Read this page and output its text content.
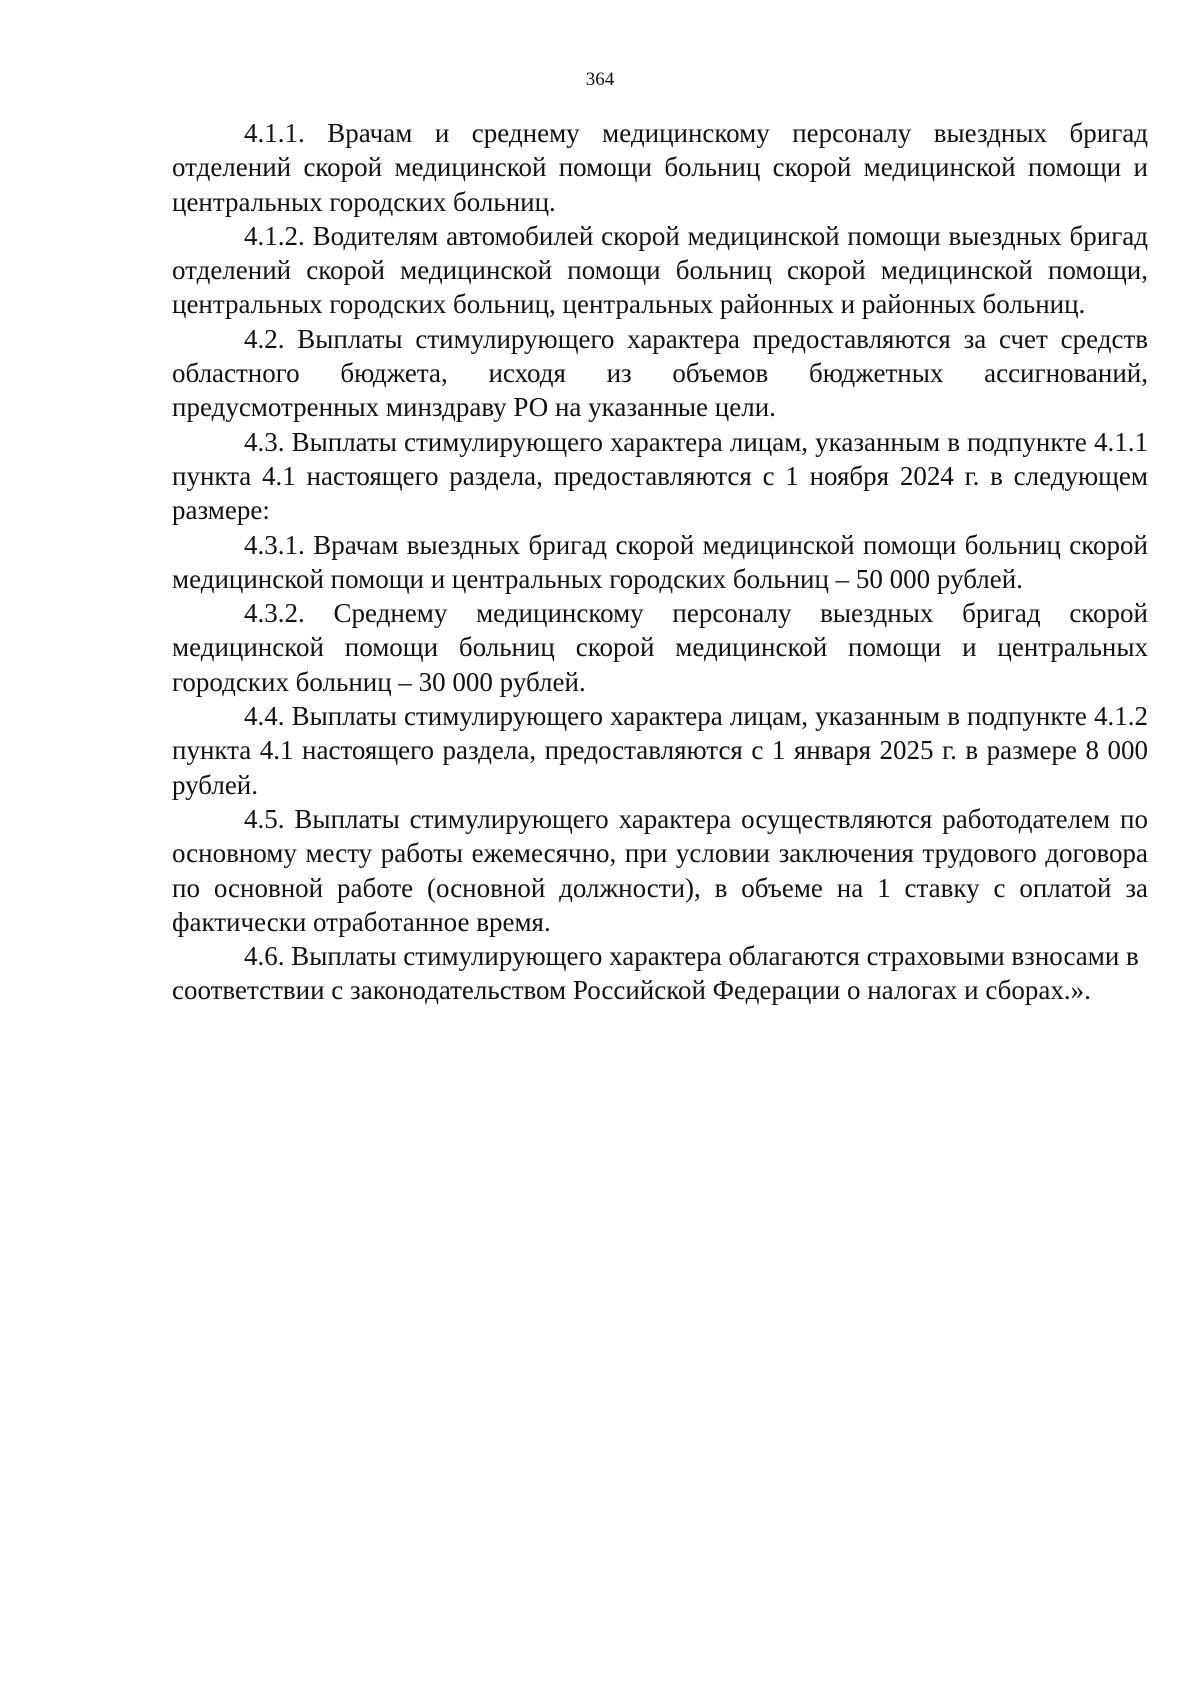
364

4.1.1. Врачам и среднему медицинскому персоналу выездных бригад отделений скорой медицинской помощи больниц скорой медицинской помощи и центральных городских больниц.

4.1.2. Водителям автомобилей скорой медицинской помощи выездных бригад отделений скорой медицинской помощи больниц скорой медицинской помощи, центральных городских больниц, центральных районных и районных больниц.

4.2. Выплаты стимулирующего характера предоставляются за счет средств областного бюджета, исходя из объемов бюджетных ассигнований, предусмотренных минздраву РО на указанные цели.

4.3. Выплаты стимулирующего характера лицам, указанным в подпункте 4.1.1 пункта 4.1 настоящего раздела, предоставляются с 1 ноября 2024 г. в следующем размере:

4.3.1. Врачам выездных бригад скорой медицинской помощи больниц скорой медицинской помощи и центральных городских больниц – 50 000 рублей.

4.3.2. Среднему медицинскому персоналу выездных бригад скорой медицинской помощи больниц скорой медицинской помощи и центральных городских больниц – 30 000 рублей.

4.4. Выплаты стимулирующего характера лицам, указанным в подпункте 4.1.2 пункта 4.1 настоящего раздела, предоставляются с 1 января 2025 г. в размере 8 000 рублей.

4.5. Выплаты стимулирующего характера осуществляются работодателем по основному месту работы ежемесячно, при условии заключения трудового договора по основной работе (основной должности), в объеме на 1 ставку с оплатой за фактически отработанное время.

4.6. Выплаты стимулирующего характера облагаются страховыми взносами в соответствии с законодательством Российской Федерации о налогах и сборах.».
